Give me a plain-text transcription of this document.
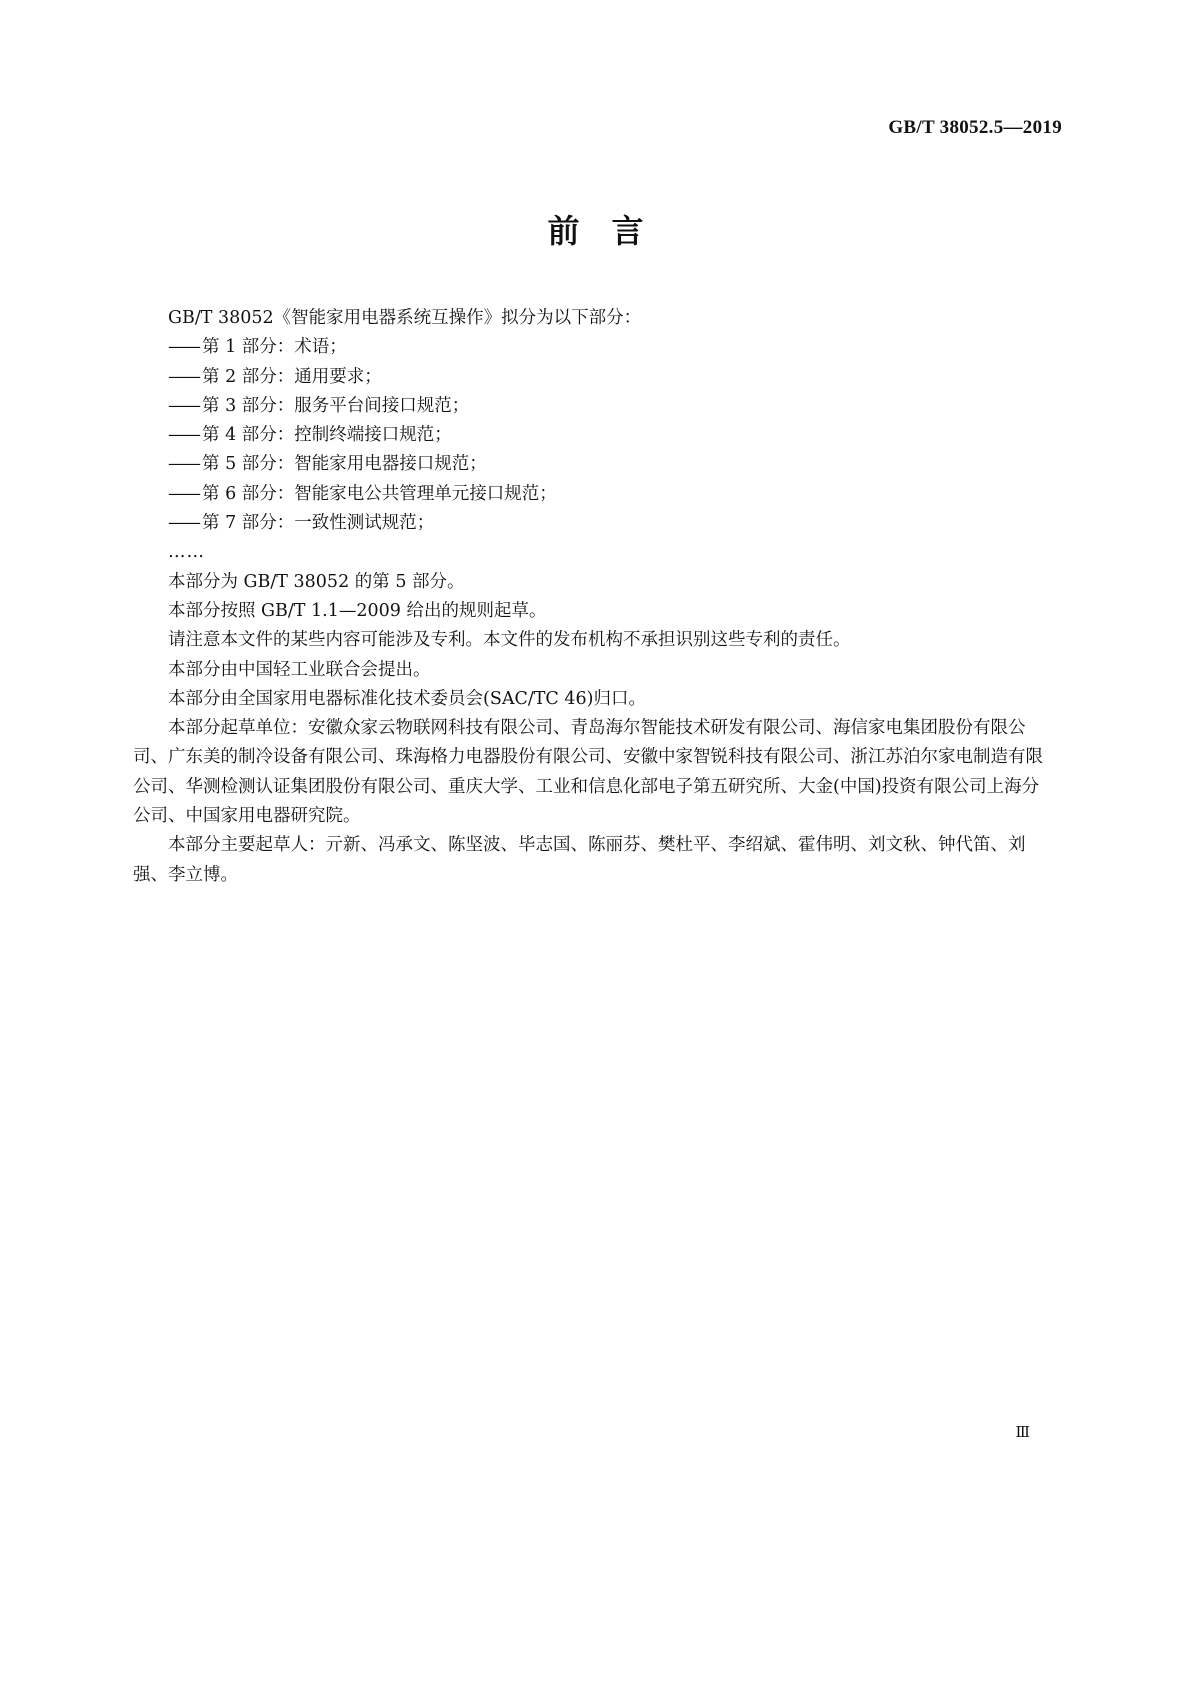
GB/T 38052.5—2019
前言

GB/T 38052《智能家用电器系统互操作》拟分为以下部分：

—— 第 1 部分：术语；

—— 第 2 部分：通用要求；

—— 第 3 部分：服务平台间接口规范；

—— 第 4 部分：控制终端接口规范；

—— 第 5 部分：智能家用电器接口规范；

—— 第 6 部分：智能家电公共管理单元接口规范；

—— 第 7 部分：一致性测试规范；

……

本部分为 GB/T 38052 的第 5 部分。

本部分按照 GB/T 1.1—2009 给出的规则起草。

请注意本文件的某些内容可能涉及专利。本文件的发布机构不承担识别这些专利的责任。

本部分由中国轻工业联合会提出。

本部分由全国家用电器标准化技术委员会(SAC/TC 46)归口。

本部分起草单位：安徽众家云物联网科技有限公司、青岛海尔智能技术研发有限公司、海信家电集团股份有限公司、广东美的制冷设备有限公司、珠海格力电器股份有限公司、安徽中家智锐科技有限公司、浙江苏泊尔家电制造有限公司、华测检测认证集团股份有限公司、重庆大学、工业和信息化部电子第五研究所、大金(中国)投资有限公司上海分公司、中国家用电器研究院。

本部分主要起草人：亓新、冯承文、陈坚波、毕志国、陈丽芬、樊杜平、李绍斌、霍伟明、刘文秋、钟代笛、刘强、李立博。

Ⅲ
